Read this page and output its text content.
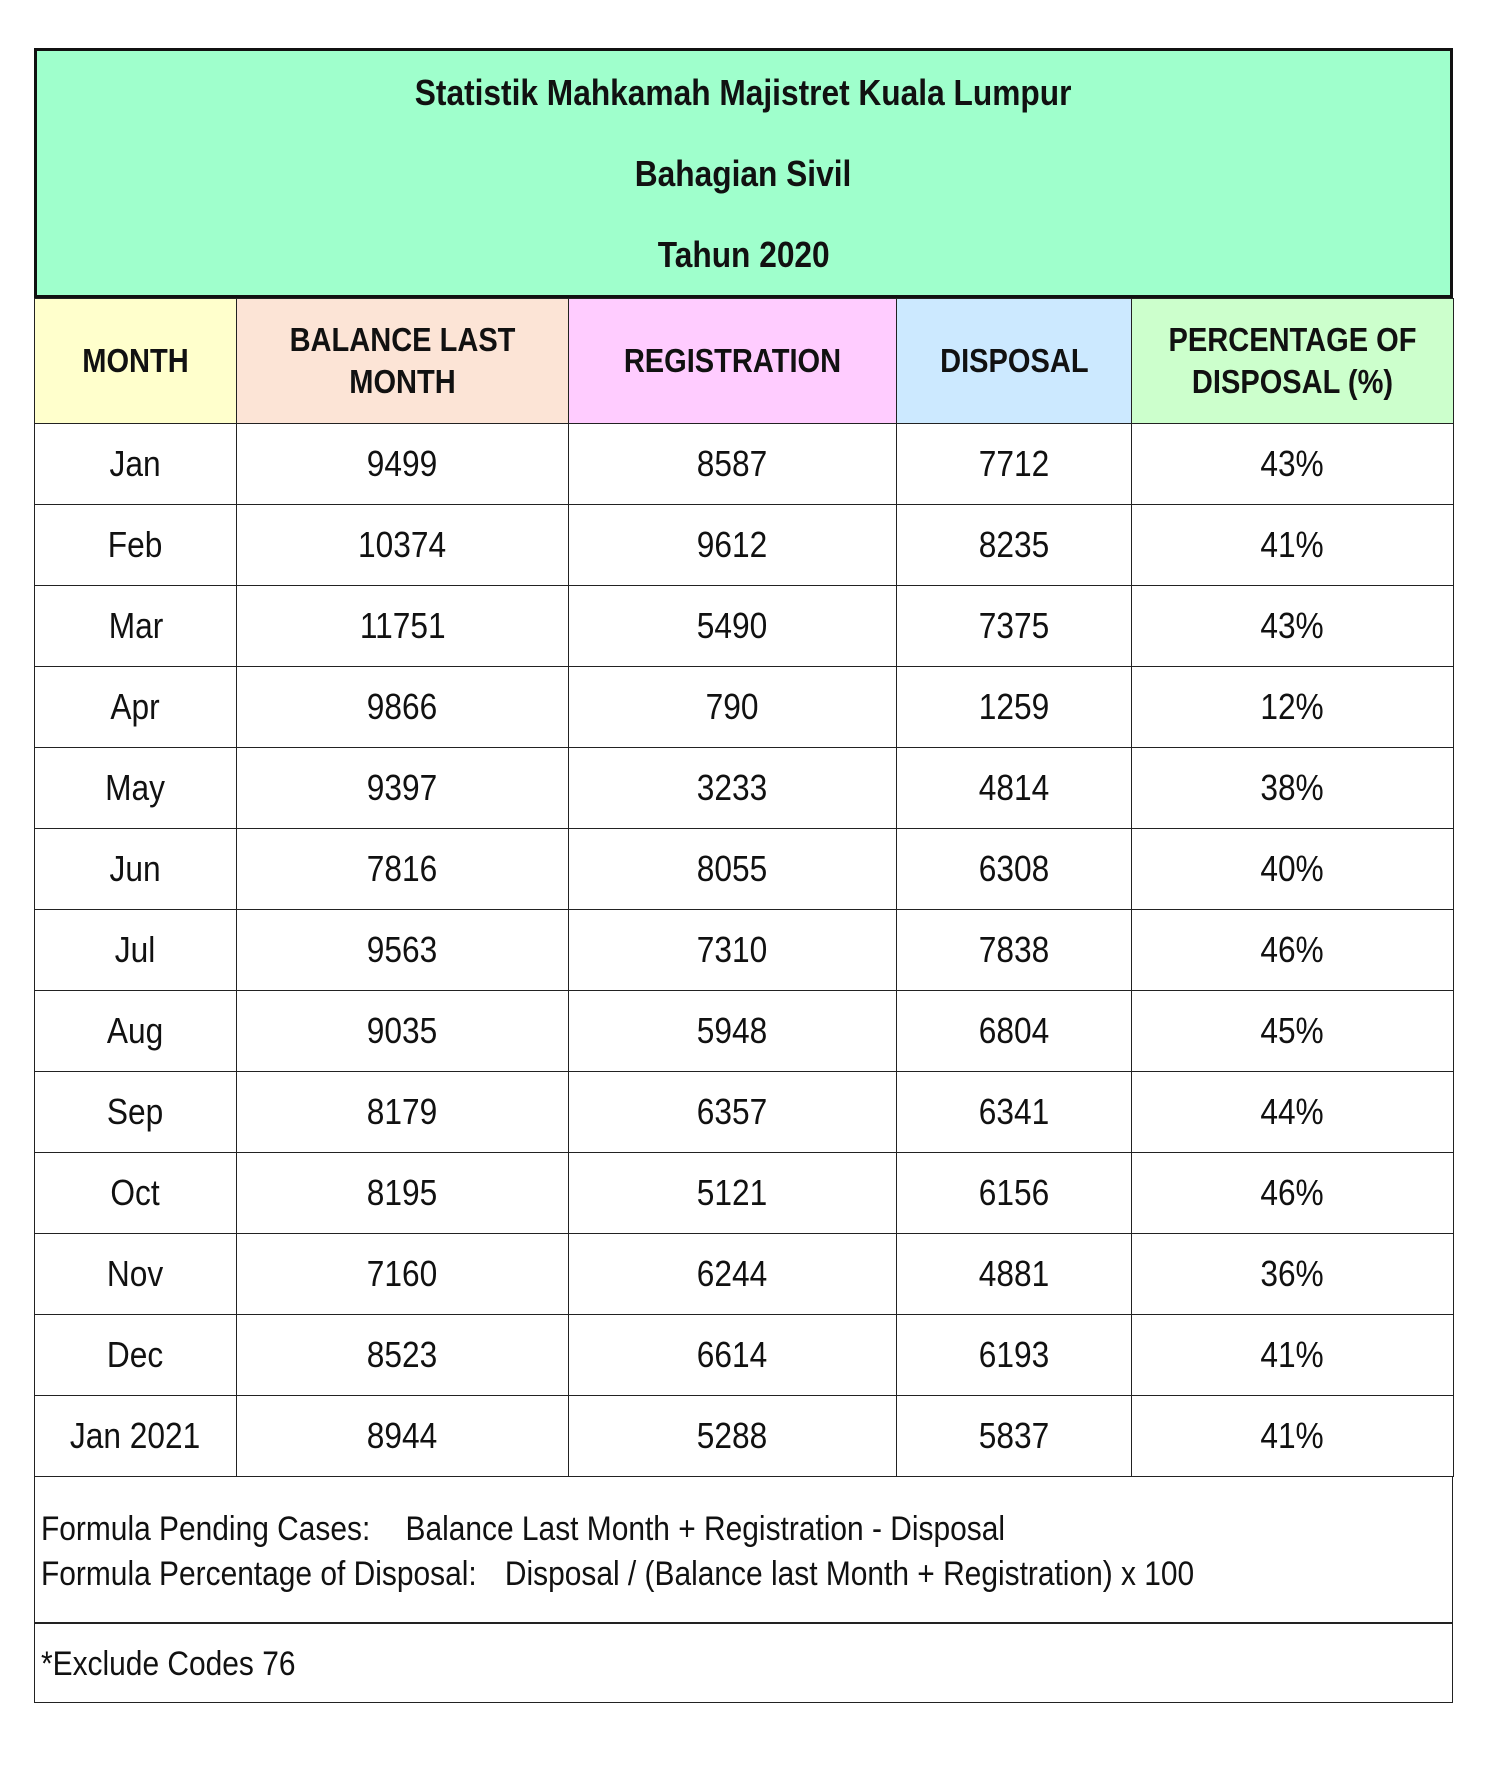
Statistik Mahkamah Majistret Kuala Lumpur
Bahagian Sivil
Tahun 2020
MONTH	BALANCE LAST MONTH	REGISTRATION	DISPOSAL	PERCENTAGE OF DISPOSAL (%)
Jan	9499	8587	7712	43%
Feb	10374	9612	8235	41%
Mar	11751	5490	7375	43%
Apr	9866	790	1259	12%
May	9397	3233	4814	38%
Jun	7816	8055	6308	40%
Jul	9563	7310	7838	46%
Aug	9035	5948	6804	45%
Sep	8179	6357	6341	44%
Oct	8195	5121	6156	46%
Nov	7160	6244	4881	36%
Dec	8523	6614	6193	41%
Jan 2021	8944	5288	5837	41%
Formula Pending Cases: Balance Last Month + Registration - Disposal
Formula Percentage of Disposal: Disposal / (Balance last Month + Registration) x 100
*Exclude Codes 76
